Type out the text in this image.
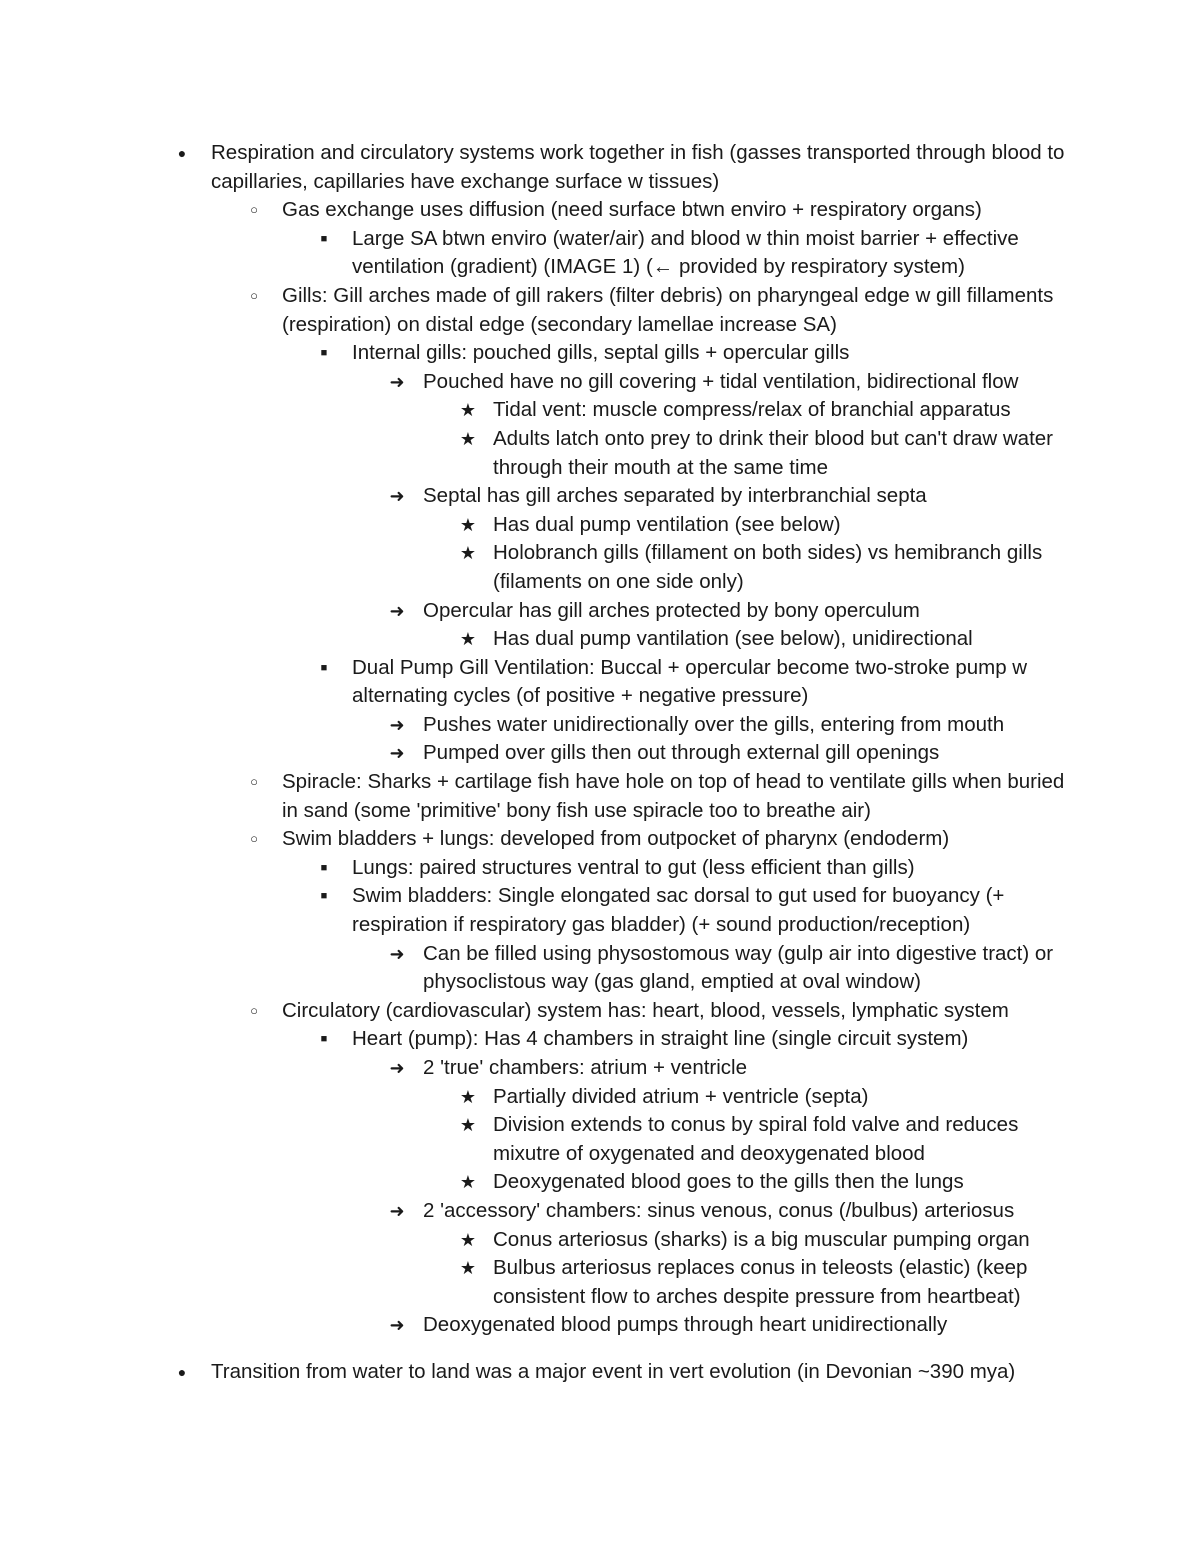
●	Respiration and circulatory systems work together in fish (gasses transported through blood to capillaries, capillaries have exchange surface w tissues)
○	Gas exchange uses diffusion (need surface btwn enviro + respiratory organs)
■	Large SA btwn enviro (water/air) and blood w thin moist barrier + effective ventilation (gradient) (IMAGE 1) (← provided by respiratory system)
○	Gills: Gill arches made of gill rakers (filter debris) on pharyngeal edge w gill fillaments (respiration) on distal edge (secondary lamellae increase SA)
■	Internal gills: pouched gills, septal gills + opercular gills
➜ Pouched have no gill covering + tidal ventilation, bidirectional flow
★ Tidal vent: muscle compress/relax of branchial apparatus
★ Adults latch onto prey to drink their blood but can't draw water through their mouth at the same time
➜ Septal has gill arches separated by interbranchial septa
★ Has dual pump ventilation (see below)
★ Holobranch gills (fillament on both sides) vs hemibranch gills (filaments on one side only)
➜ Opercular has gill arches protected by bony operculum
★ Has dual pump vantilation (see below), unidirectional
■	Dual Pump Gill Ventilation: Buccal + opercular become two-stroke pump w alternating cycles (of positive + negative pressure)
➜ Pushes water unidirectionally over the gills, entering from mouth
➜ Pumped over gills then out through external gill openings
○	Spiracle: Sharks + cartilage fish have hole on top of head to ventilate gills when buried in sand (some 'primitive' bony fish use spiracle too to breathe air)
○	Swim bladders + lungs: developed from outpocket of pharynx (endoderm)
■	Lungs: paired structures ventral to gut (less efficient than gills)
■	Swim bladders: Single elongated sac dorsal to gut used for buoyancy (+ respiration if respiratory gas bladder) (+ sound production/reception)
➜ Can be filled using physostomous way (gulp air into digestive tract) or physoclistous way (gas gland, emptied at oval window)
○	Circulatory (cardiovascular) system has: heart, blood, vessels, lymphatic system
■	Heart (pump): Has 4 chambers in straight line (single circuit system)
➜ 2 'true' chambers: atrium + ventricle
★ Partially divided atrium + ventricle (septa)
★ Division extends to conus by spiral fold valve and reduces mixutre of oxygenated and deoxygenated blood
★ Deoxygenated blood goes to the gills then the lungs
➜ 2 'accessory' chambers: sinus venous, conus (/bulbus) arteriosus
★ Conus arteriosus (sharks) is a big muscular pumping organ
★ Bulbus arteriosus replaces conus in teleosts (elastic) (keep consistent flow to arches despite pressure from heartbeat)
➜ Deoxygenated blood pumps through heart unidirectionally
●	Transition from water to land was a major event in vert evolution (in Devonian ~390 mya)
